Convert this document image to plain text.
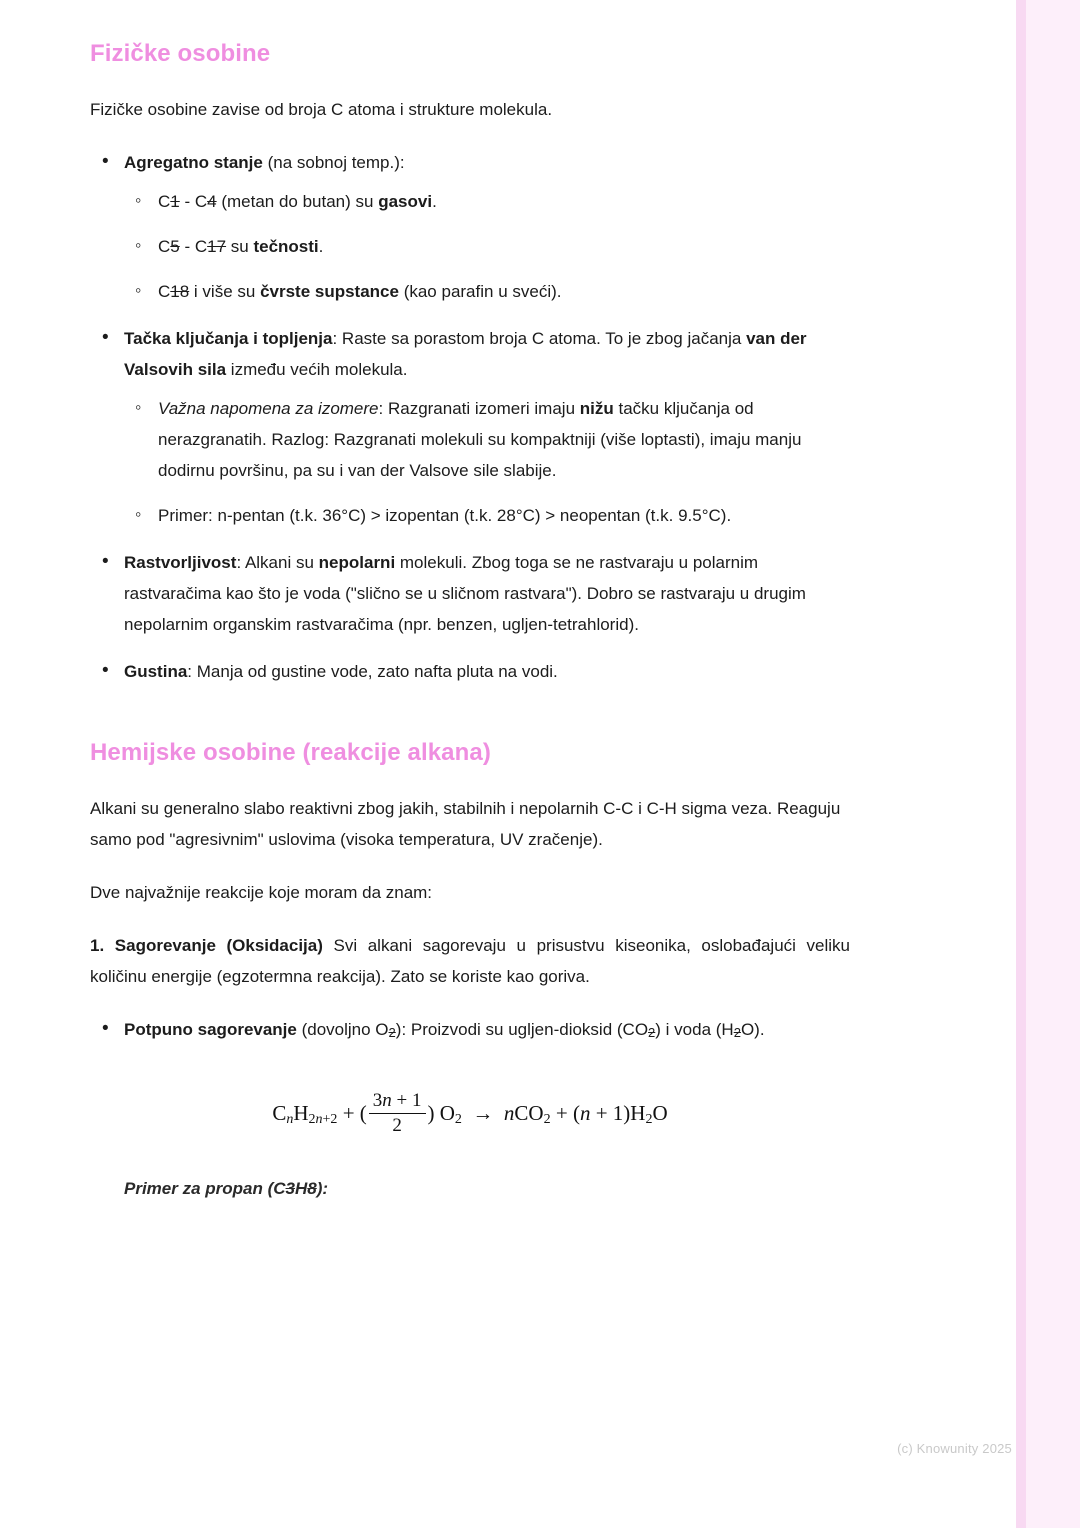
Fizičke osobine

Fizičke osobine zavise od broja C atoma i strukture molekula.

• Agregatno stanje (na sobnoj temp.):
◦ C1 - C4 (metan do butan) su gasovi.
◦ C5 - C17 su tečnosti.
◦ C18 i više su čvrste supstance (kao parafin u sveći).
• Tačka ključanja i topljenja: Raste sa porastom broja C atoma. To je zbog jačanja van der Valsovih sila između većih molekula.
◦ Važna napomena za izomere: Razgranati izomeri imaju nižu tačku ključanja od nerazgranatih. Razlog: Razgranati molekuli su kompaktniji (više loptasti), imaju manju dodirnu površinu, pa su i van der Valsove sile slabije.
◦ Primer: n-pentan (t.k. 36°C) > izopentan (t.k. 28°C) > neopentan (t.k. 9.5°C).
• Rastvorljivost: Alkani su nepolarni molekuli. Zbog toga se ne rastvaraju u polarnim rastvaračima kao što je voda ("slično se u sličnom rastvara"). Dobro se rastvaraju u drugim nepolarnim organskim rastvaračima (npr. benzen, ugljen-tetrahlorid).
• Gustina: Manja od gustine vode, zato nafta pluta na vodi.
Hemijske osobine (reakcije alkana)

Alkani su generalno slabo reaktivni zbog jakih, stabilnih i nepolarnih C-C i C-H sigma veza. Reaguju samo pod "agresivnim" uslovima (visoka temperatura, UV zračenje).

Dve najvažnije reakcije koje moram da znam:

1. Sagorevanje (Oksidacija) Svi alkani sagorevaju u prisustvu kiseonika, oslobađajući veliku količinu energije (egzotermna reakcija). Zato se koriste kao goriva.

• Potpuno sagorevanje (dovoljno O2): Proizvodi su ugljen-dioksid (CO2) i voda (H2O).
CnH2n+2 + ( $\frac{3n + 1}{2}$ ) O2  →  nCO2 + (n + 1)H2O

Primer za propan (C3H8):

(c) Knowunity 2025
